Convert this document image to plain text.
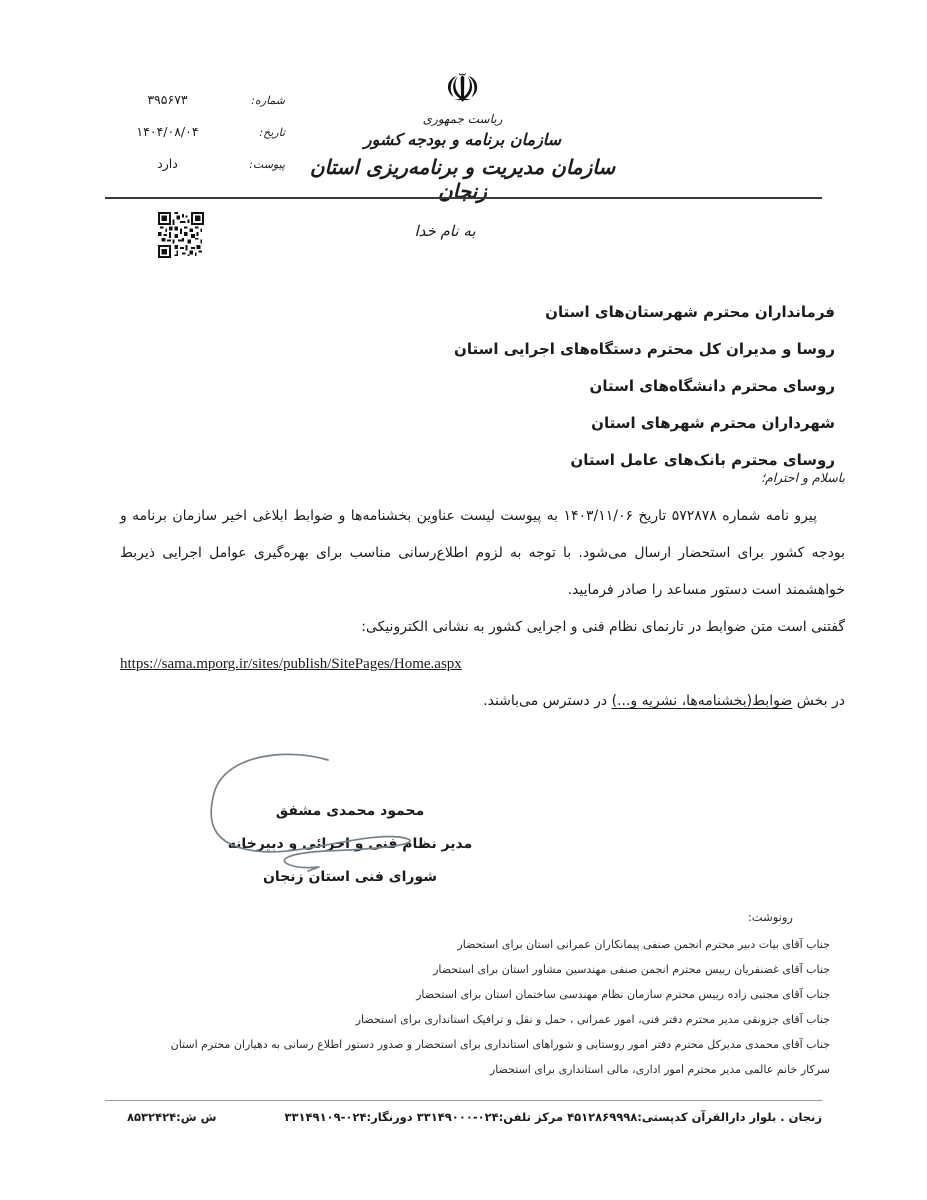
☫
ریاست جمهوری
سازمان برنامه و بودجه کشور
سازمان مدیریت و برنامه‌ریزی استان زنجان
شماره:
۳۹۵۶۷۳
تاریخ:
۱۴۰۴/۰۸/۰۴
پیوست:
دارد
به نام خدا
فرمانداران محترم شهرستان‌های استان
روسا و مدیران کل محترم دستگاه‌های اجرایی استان
روسای محترم دانشگاه‌های استان
شهرداران محترم شهرهای استان
روسای محترم بانک‌های عامل استان
باسلام و احترام؛
پیرو نامه شماره ۵۷۲۸۷۸ تاریخ ۱۴۰۳/۱۱/۰۶ به پیوست لیست عناوین بخشنامه‌ها و ضوابط ابلاغی اخیر سازمان برنامه و بودجه کشور برای استحضار ارسال می‌شود. با توجه به لزوم اطلاع‌رسانی مناسب برای بهره‌گیری عوامل اجرایی ذیربط خواهشمند است دستور مساعد را صادر فرمایید.
گفتنی است متن ضوابط در تارنمای نظام فنی و اجرایی کشور به نشانی الکترونیکی:
https://sama.mporg.ir/sites/publish/SitePages/Home.aspx
در بخش ضوابط(بخشنامه‌ها، نشریه و...) در دسترس می‌باشند.
محمود محمدی مشفق
مدیر نظام فنی و اجرائی و دبیرخانه
شورای فنی استان زنجان
رونوشت:
جناب آقای بیات دبیر محترم انجمن صنفی پیمانکاران عمرانی استان برای استحضار
جناب آقای غضنفریان رییس محترم انجمن صنفی مهندسین مشاور استان برای استحضار
جناب آقای مجتبی زاده رییس محترم سازمان نظام مهندسی ساختمان استان برای استحضار
جناب آقای جزونقی مدیر محترم دفتر فنی، امور عمرانی ، حمل و نقل و ترافیک استانداری برای استحضار
جناب آقای محمدی مدیرکل محترم دفتر امور روستایی و شوراهای استانداری برای استحضار و صدور دستور اطلاع رسانی به دهیاران محترم استان
سرکار خانم عالمی مدیر محترم امور اداری، مالی استانداری برای استحضار
زنجان . بلوار دارالقرآن کدپستی:۴۵۱۲۸۶۹۹۹۸ مرکز تلفن:۰۲۴-۳۳۱۴۹۰۰۰ دورنگار:۰۲۴-۳۳۱۴۹۱۰۹
ش ش:۸۵۳۲۴۲۴
